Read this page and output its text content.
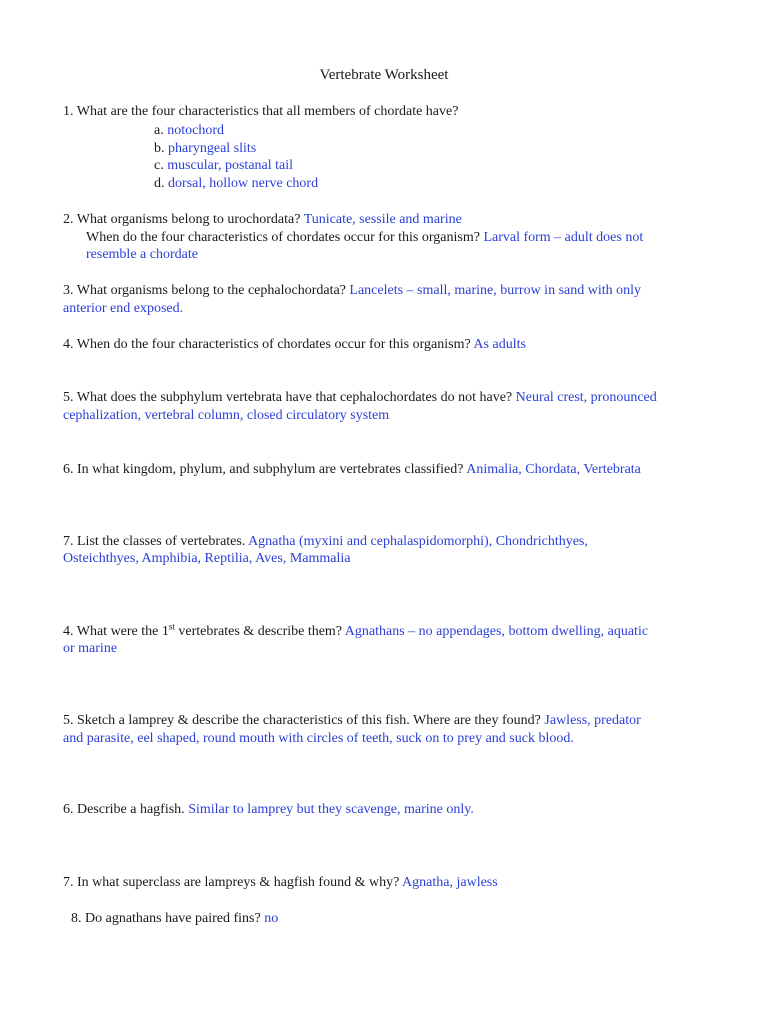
Vertebrate Worksheet
1. What are the four characteristics that all members of chordate have?
a. notochord
b. pharyngeal slits
c. muscular, postanal tail
d. dorsal, hollow nerve chord
2. What organisms belong to urochordata? Tunicate, sessile and marine
When do the four characteristics of chordates occur for this organism? Larval form – adult does not
resemble a chordate
3. What organisms belong to the cephalochordata? Lancelets – small, marine, burrow in sand with only
anterior end exposed.
4. When do the four characteristics of chordates occur for this organism? As adults
5. What does the subphylum vertebrata have that cephalochordates do not have? Neural crest, pronounced
cephalization, vertebral column, closed circulatory system
6. In what kingdom, phylum, and subphylum are vertebrates classified? Animalia, Chordata, Vertebrata
7. List the classes of vertebrates. Agnatha (myxini and cephalaspidomorphi), Chondrichthyes,
Osteichthyes, Amphibia, Reptilia, Aves, Mammalia
4. What were the 1st vertebrates & describe them? Agnathans – no appendages, bottom dwelling, aquatic
or marine
5. Sketch a lamprey & describe the characteristics of this fish. Where are they found? Jawless, predator
and parasite, eel shaped, round mouth with circles of teeth, suck on to prey and suck blood.
6. Describe a hagfish. Similar to lamprey but they scavenge, marine only.
7. In what superclass are lampreys & hagfish found & why? Agnatha, jawless
8. Do agnathans have paired fins? no
